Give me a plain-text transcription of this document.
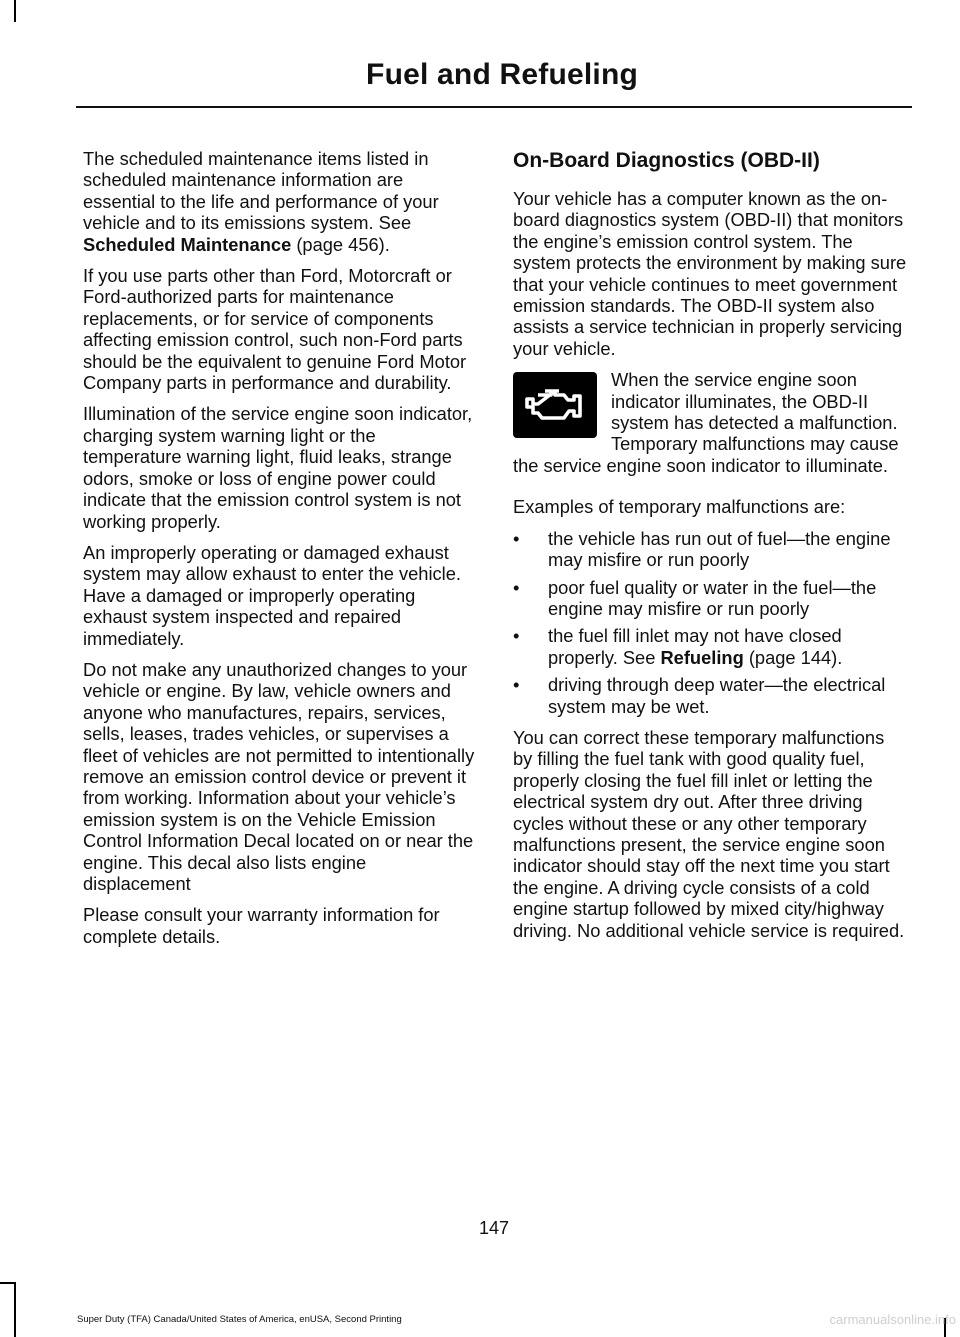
Fuel and Refueling

The scheduled maintenance items listed in scheduled maintenance information are essential to the life and performance of your vehicle and to its emissions system. See Scheduled Maintenance (page 456).

If you use parts other than Ford, Motorcraft or Ford-authorized parts for maintenance replacements, or for service of components affecting emission control, such non-Ford parts should be the equivalent to genuine Ford Motor Company parts in performance and durability.

Illumination of the service engine soon indicator, charging system warning light or the temperature warning light, fluid leaks, strange odors, smoke or loss of engine power could indicate that the emission control system is not working properly.

An improperly operating or damaged exhaust system may allow exhaust to enter the vehicle. Have a damaged or improperly operating exhaust system inspected and repaired immediately.

Do not make any unauthorized changes to your vehicle or engine. By law, vehicle owners and anyone who manufactures, repairs, services, sells, leases, trades vehicles, or supervises a fleet of vehicles are not permitted to intentionally remove an emission control device or prevent it from working. Information about your vehicle’s emission system is on the Vehicle Emission Control Information Decal located on or near the engine. This decal also lists engine displacement

Please consult your warranty information for complete details.

On-Board Diagnostics (OBD-II)

Your vehicle has a computer known as the on-board diagnostics system (OBD-II) that monitors the engine’s emission control system. The system protects the environment by making sure that your vehicle continues to meet government emission standards. The OBD-II system also assists a service technician in properly servicing your vehicle.

When the service engine soon indicator illuminates, the OBD-II system has detected a malfunction. Temporary malfunctions may cause the service engine soon indicator to illuminate.

Examples of temporary malfunctions are:

• the vehicle has run out of fuel—the engine may misfire or run poorly
• poor fuel quality or water in the fuel—the engine may misfire or run poorly
• the fuel fill inlet may not have closed properly. See Refueling (page 144).
• driving through deep water—the electrical system may be wet.

You can correct these temporary malfunctions by filling the fuel tank with good quality fuel, properly closing the fuel fill inlet or letting the electrical system dry out. After three driving cycles without these or any other temporary malfunctions present, the service engine soon indicator should stay off the next time you start the engine. A driving cycle consists of a cold engine startup followed by mixed city/highway driving. No additional vehicle service is required.

147
Super Duty (TFA) Canada/United States of America, enUSA, Second Printing	carmanualsonline.info
